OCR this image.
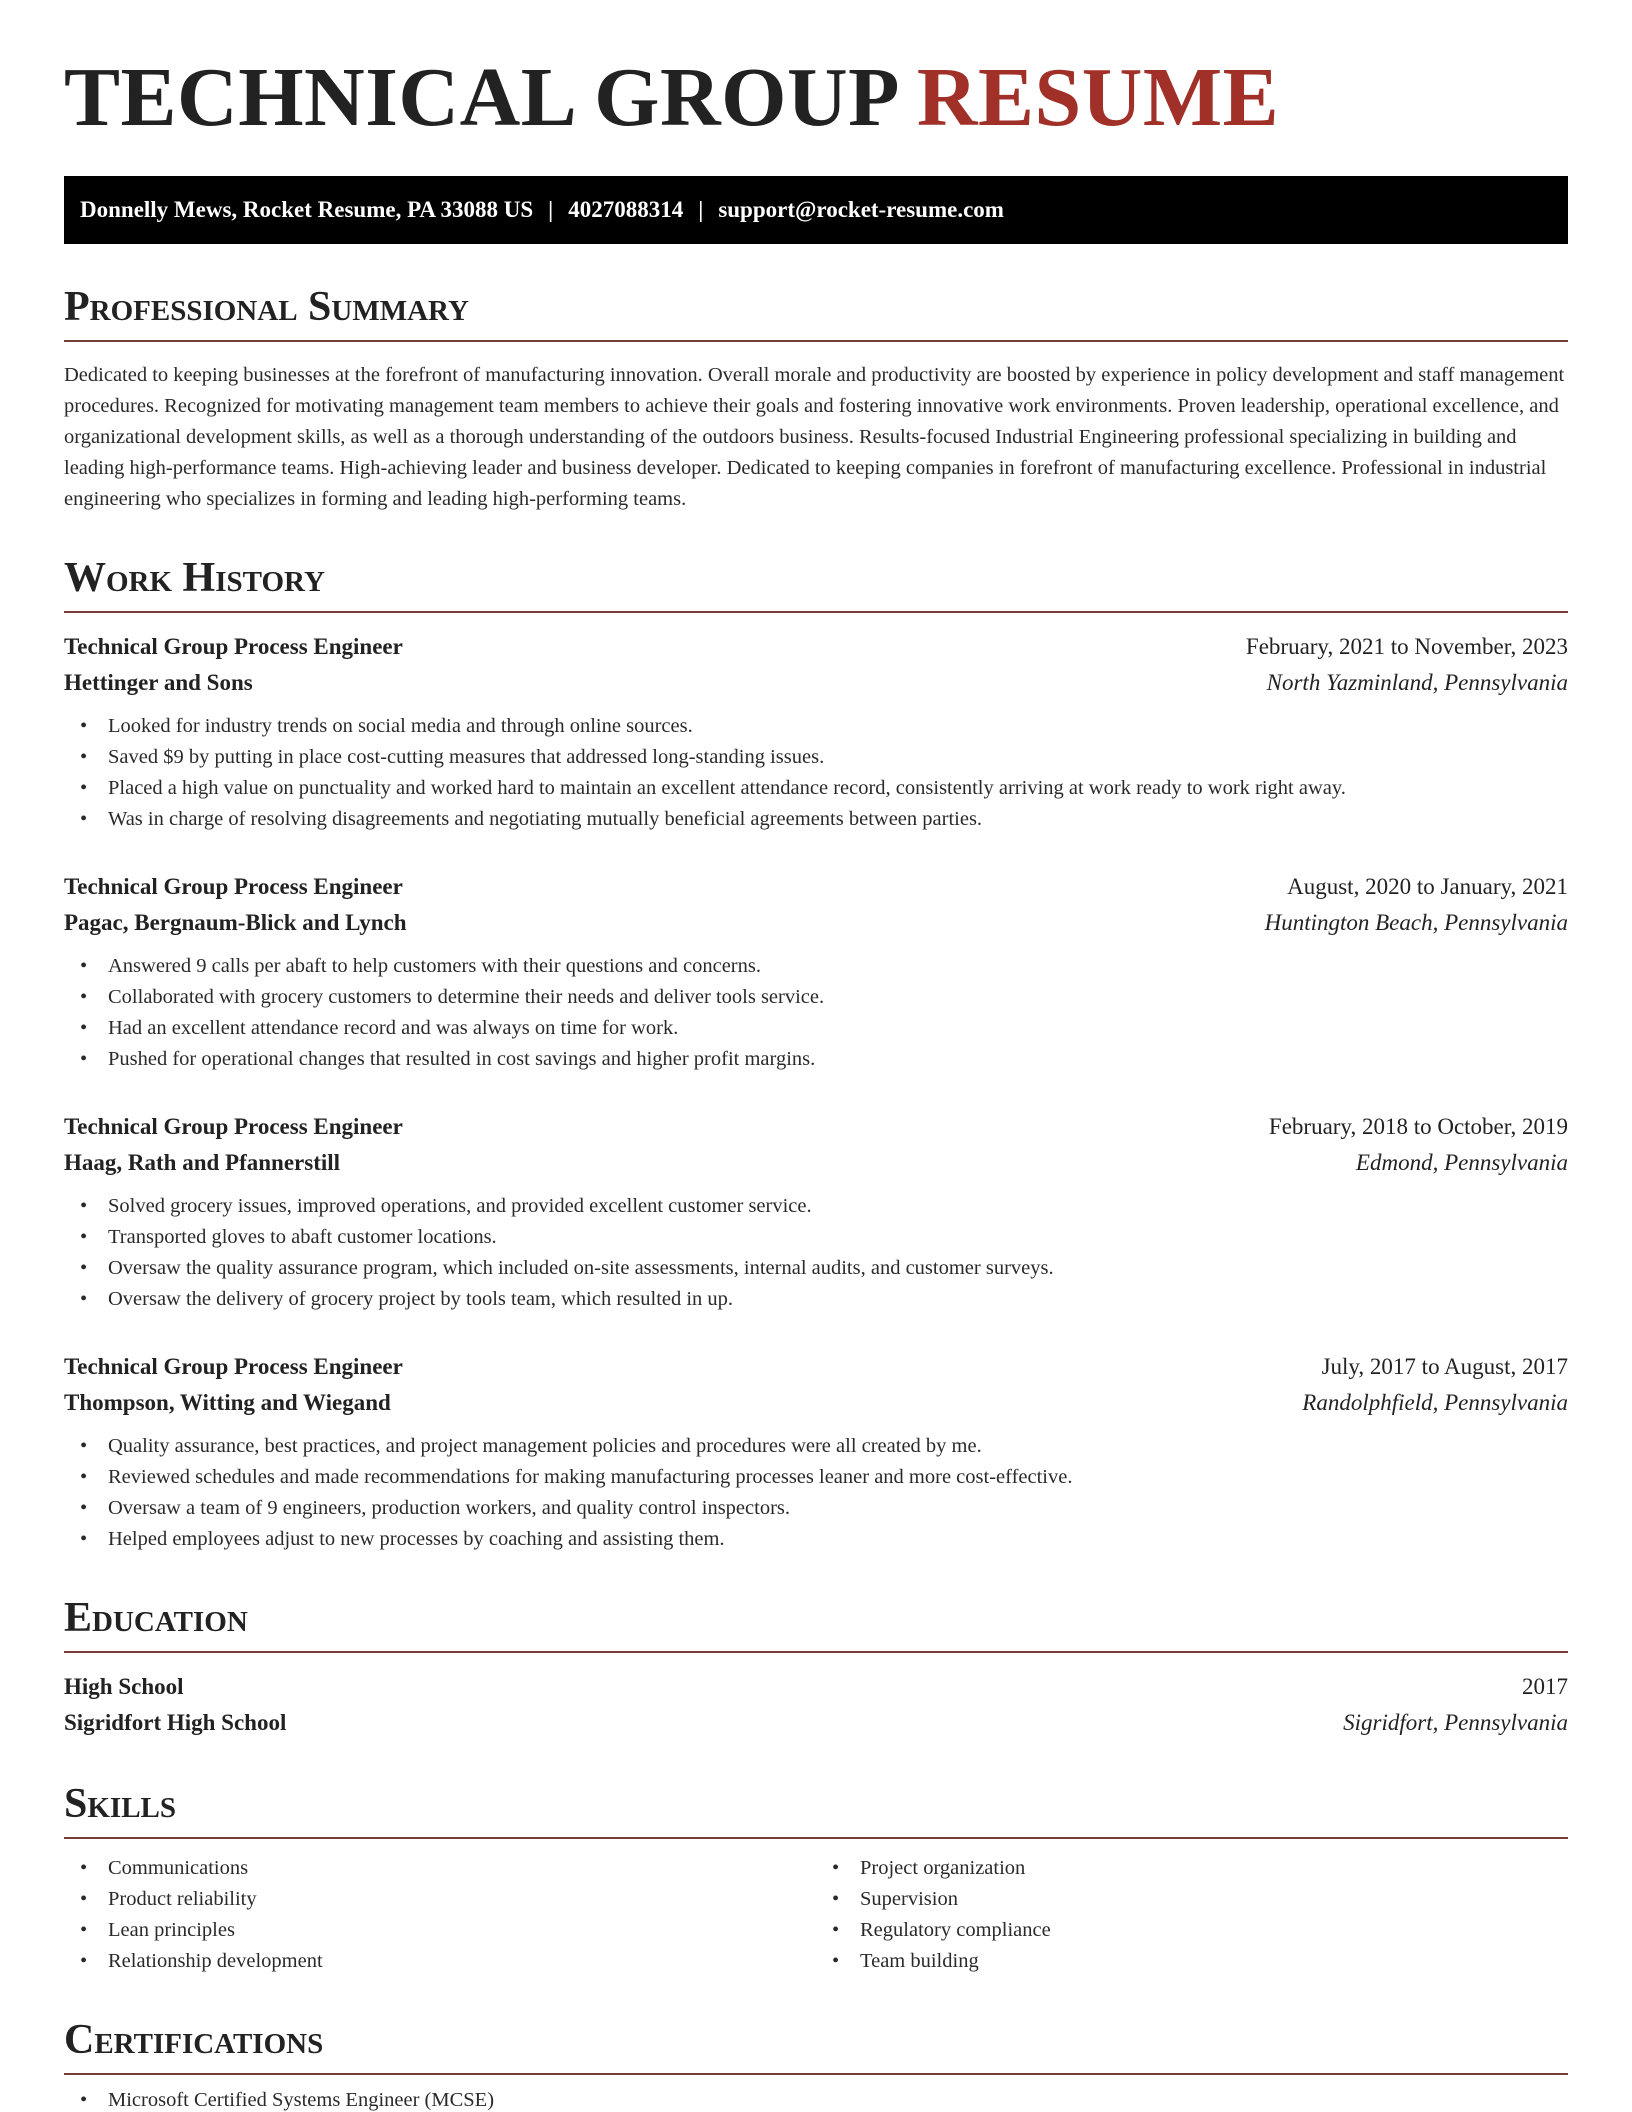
TECHNICAL GROUP RESUME
Donnelly Mews, Rocket Resume, PA 33088 US | 4027088314 | support@rocket-resume.com
Professional Summary

Dedicated to keeping businesses at the forefront of manufacturing innovation. Overall morale and productivity are boosted by experience in policy development and staff management procedures. Recognized for motivating management team members to achieve their goals and fostering innovative work environments. Proven leadership, operational excellence, and organizational development skills, as well as a thorough understanding of the outdoors business. Results-focused Industrial Engineering professional specializing in building and leading high-performance teams. High-achieving leader and business developer. Dedicated to keeping companies in forefront of manufacturing excellence. Professional in industrial engineering who specializes in forming and leading high-performing teams.

Work History
Technical Group Process Engineer	February, 2021 to November, 2023
Hettinger and Sons	North Yazminland, Pennsylvania
• Looked for industry trends on social media and through online sources.
• Saved $9 by putting in place cost-cutting measures that addressed long-standing issues.
• Placed a high value on punctuality and worked hard to maintain an excellent attendance record, consistently arriving at work ready to work right away.
• Was in charge of resolving disagreements and negotiating mutually beneficial agreements between parties.
Technical Group Process Engineer	August, 2020 to January, 2021
Pagac, Bergnaum-Blick and Lynch	Huntington Beach, Pennsylvania
• Answered 9 calls per abaft to help customers with their questions and concerns.
• Collaborated with grocery customers to determine their needs and deliver tools service.
• Had an excellent attendance record and was always on time for work.
• Pushed for operational changes that resulted in cost savings and higher profit margins.
Technical Group Process Engineer	February, 2018 to October, 2019
Haag, Rath and Pfannerstill	Edmond, Pennsylvania
• Solved grocery issues, improved operations, and provided excellent customer service.
• Transported gloves to abaft customer locations.
• Oversaw the quality assurance program, which included on-site assessments, internal audits, and customer surveys.
• Oversaw the delivery of grocery project by tools team, which resulted in up.
Technical Group Process Engineer	July, 2017 to August, 2017
Thompson, Witting and Wiegand	Randolphfield, Pennsylvania
• Quality assurance, best practices, and project management policies and procedures were all created by me.
• Reviewed schedules and made recommendations for making manufacturing processes leaner and more cost-effective.
• Oversaw a team of 9 engineers, production workers, and quality control inspectors.
• Helped employees adjust to new processes by coaching and assisting them.
Education
High School	2017
Sigridfort High School	Sigridfort, Pennsylvania
Skills
• Communications
• Product reliability
• Lean principles
• Relationship development
• Project organization
• Supervision
• Regulatory compliance
• Team building
Certifications
• Microsoft Certified Systems Engineer (MCSE)
